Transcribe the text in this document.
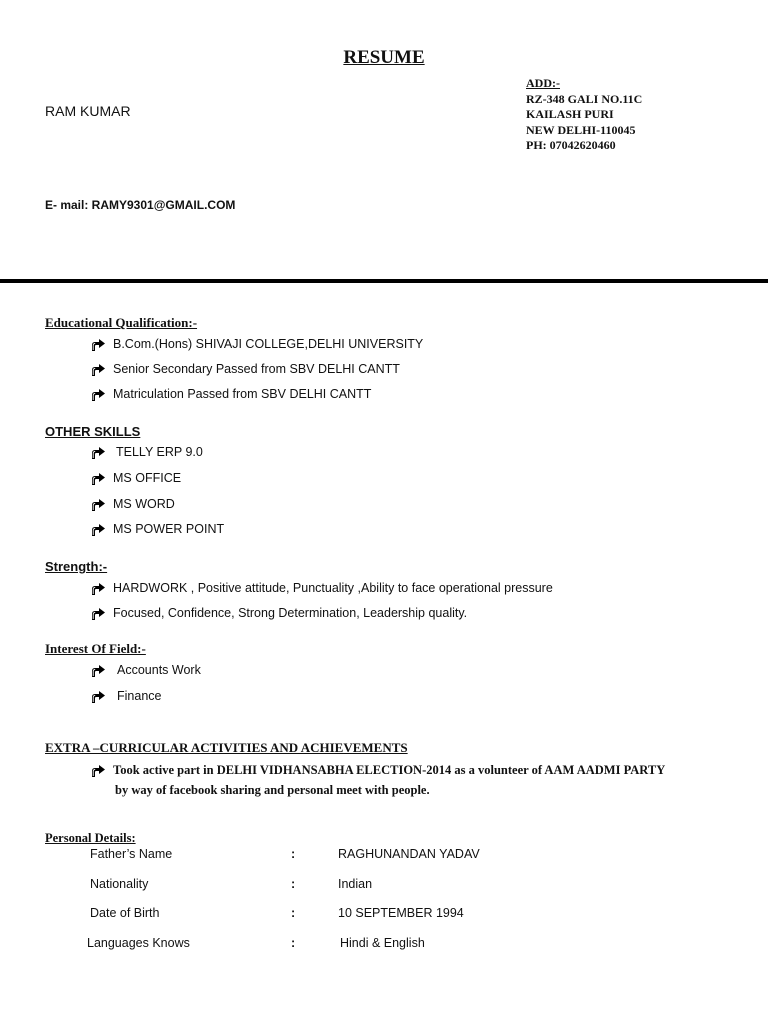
RESUME
RAM KUMAR
ADD:-
RZ-348 GALI NO.11C
KAILASH PURI
NEW DELHI-110045
PH: 07042620460
E- mail: RAMY9301@GMAIL.COM
Educational Qualification:-
B.Com.(Hons) SHIVAJI COLLEGE,DELHI UNIVERSITY
Senior Secondary Passed from SBV DELHI CANTT
Matriculation Passed from SBV DELHI CANTT
OTHER SKILLS
TELLY ERP 9.0
MS OFFICE
MS WORD
MS POWER POINT
Strength:-
HARDWORK , Positive attitude, Punctuality ,Ability to face operational pressure
Focused, Confidence, Strong Determination, Leadership quality.
Interest Of Field:-
Accounts Work
Finance
EXTRA –CURRICULAR ACTIVITIES AND ACHIEVEMENTS
Took active part in DELHI VIDHANSABHA ELECTION-2014 as a volunteer of AAM AADMI PARTY
by way of facebook sharing and personal meet with people.
Personal Details:
Father’s Name	:	RAGHUNANDAN YADAV
Nationality	:	Indian
Date of Birth	:	10 SEPTEMBER 1994
Languages Knows	:	Hindi & English
